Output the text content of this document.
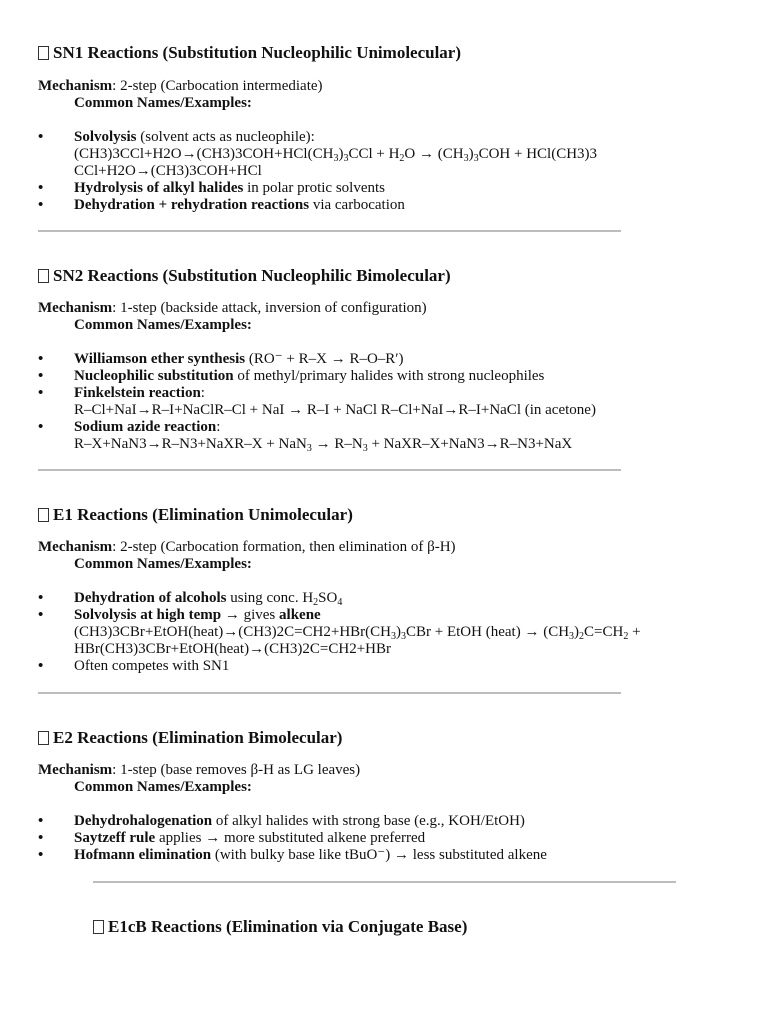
SN1 Reactions (Substitution Nucleophilic Unimolecular)
Mechanism: 2-step (Carbocation intermediate)
Common Names/Examples:
• Solvolysis (solvent acts as nucleophile):
$(CH3)3CCl+H2O\to(CH3)3COH+HCl(CH_3)_3CCl + H_2O \to (CH_3)_3COH + HCl(CH3)3$
CCl+H2O→(CH3)3COH+HCl
• Hydrolysis of alkyl halides in polar protic solvents
• Dehydration + rehydration reactions via carbocation
SN2 Reactions (Substitution Nucleophilic Bimolecular)
Mechanism: 1-step (backside attack, inversion of configuration)
Common Names/Examples:
• Williamson ether synthesis (RO⁻ + R–X → R–O–R′)
• Nucleophilic substitution of methyl/primary halides with strong nucleophiles
• Finkelstein reaction:
R–Cl+NaI→R–I+NaClR–Cl + NaI → R–I + NaCl R–Cl+NaI→R–I+NaCl (in acetone)
• Sodium azide reaction:
R–X+NaN3→R–N3+NaXR–X + $NaN_3 \to R-N_3$ + NaXR–X+NaN3→R–N3+NaX
E1 Reactions (Elimination Unimolecular)
Mechanism: 2-step (Carbocation formation, then elimination of β-H)
Common Names/Examples:
• Dehydration of alcohols using conc. $H_2SO_4$
• Solvolysis at high temp → gives alkene
$(CH3)3CBr+EtOH(heat)\to(CH3)2C=CH2+HBr(CH_3)_3CBr$ + EtOH (heat) → $(CH_3)_2C=CH_2$ +
HBr(CH3)3CBr+EtOH(heat)→(CH3)2C=CH2+HBr
• Often competes with SN1
E2 Reactions (Elimination Bimolecular)
Mechanism: 1-step (base removes β-H as LG leaves)
Common Names/Examples:
• Dehydrohalogenation of alkyl halides with strong base (e.g., KOH/EtOH)
• Saytzeff rule applies → more substituted alkene preferred
• Hofmann elimination (with bulky base like tBuO⁻) → less substituted alkene
E1cB Reactions (Elimination via Conjugate Base)
